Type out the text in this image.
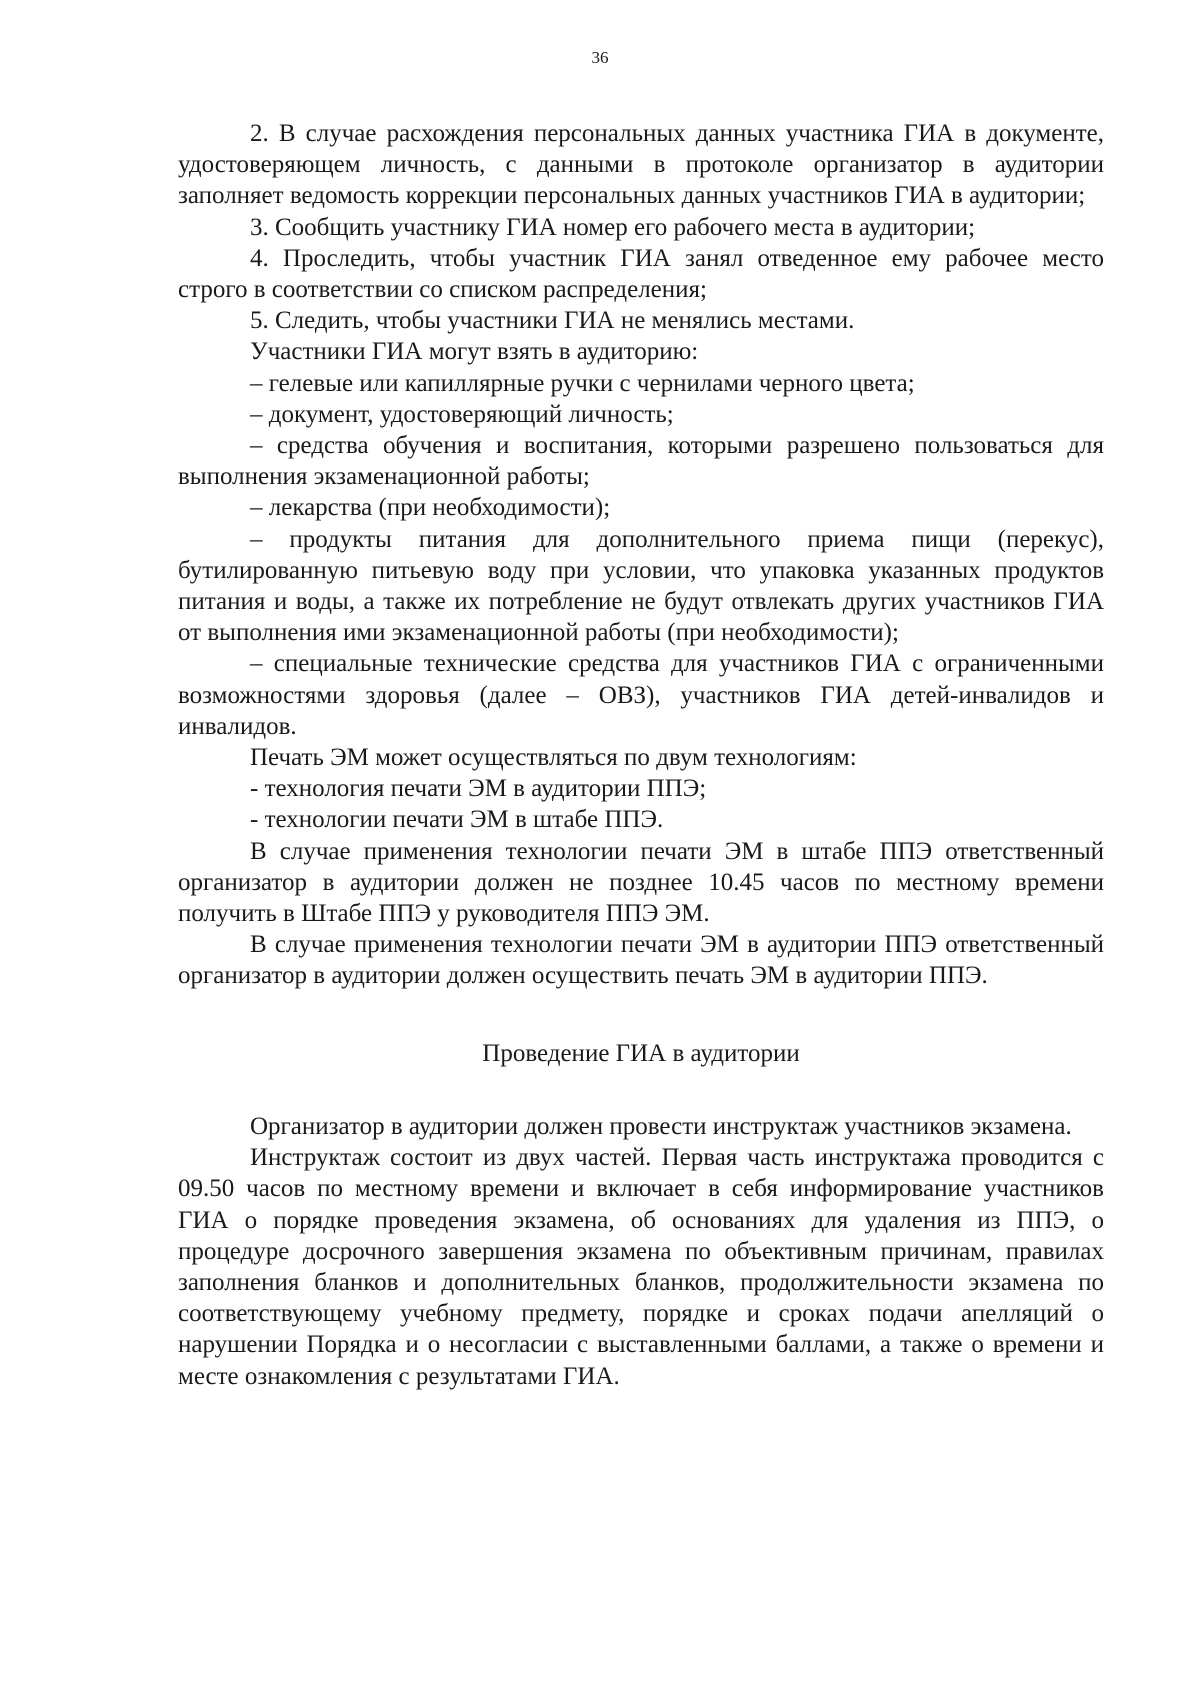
36

2. В случае расхождения персональных данных участника ГИА в документе, удостоверяющем личность, с данными в протоколе организатор в аудитории заполняет ведомость коррекции персональных данных участников ГИА в аудитории;

3. Сообщить участнику ГИА номер его рабочего места в аудитории;

4. Проследить, чтобы участник ГИА занял отведенное ему рабочее место строго в соответствии со списком распределения;

5. Следить, чтобы участники ГИА не менялись местами.

Участники ГИА могут взять в аудиторию:

– гелевые или капиллярные ручки с чернилами черного цвета;

– документ, удостоверяющий личность;

– средства обучения и воспитания, которыми разрешено пользоваться для выполнения экзаменационной работы;

– лекарства (при необходимости);

– продукты питания для дополнительного приема пищи (перекус), бутилированную питьевую воду при условии, что упаковка указанных продуктов питания и воды, а также их потребление не будут отвлекать других участников ГИА от выполнения ими экзаменационной работы (при необходимости);

– специальные технические средства для участников ГИА с ограниченными возможностями здоровья (далее – ОВЗ), участников ГИА детей-инвалидов и инвалидов.

Печать ЭМ может осуществляться по двум технологиям:

- технология печати ЭМ в аудитории ППЭ;

- технологии печати ЭМ в штабе ППЭ.

В случае применения технологии печати ЭМ в штабе ППЭ ответственный организатор в аудитории должен не позднее 10.45 часов по местному времени получить в Штабе ППЭ у руководителя ППЭ ЭМ.

В случае применения технологии печати ЭМ в аудитории ППЭ ответственный организатор в аудитории должен осуществить печать ЭМ в аудитории ППЭ.

Проведение ГИА в аудитории

Организатор в аудитории должен провести инструктаж участников экзамена.

Инструктаж состоит из двух частей. Первая часть инструктажа проводится с 09.50 часов по местному времени и включает в себя информирование участников ГИА о порядке проведения экзамена, об основаниях для удаления из ППЭ, о процедуре досрочного завершения экзамена по объективным причинам, правилах заполнения бланков и дополнительных бланков, продолжительности экзамена по соответствующему учебному предмету, порядке и сроках подачи апелляций о нарушении Порядка и о несогласии с выставленными баллами, а также о времени и месте ознакомления с результатами ГИА.
